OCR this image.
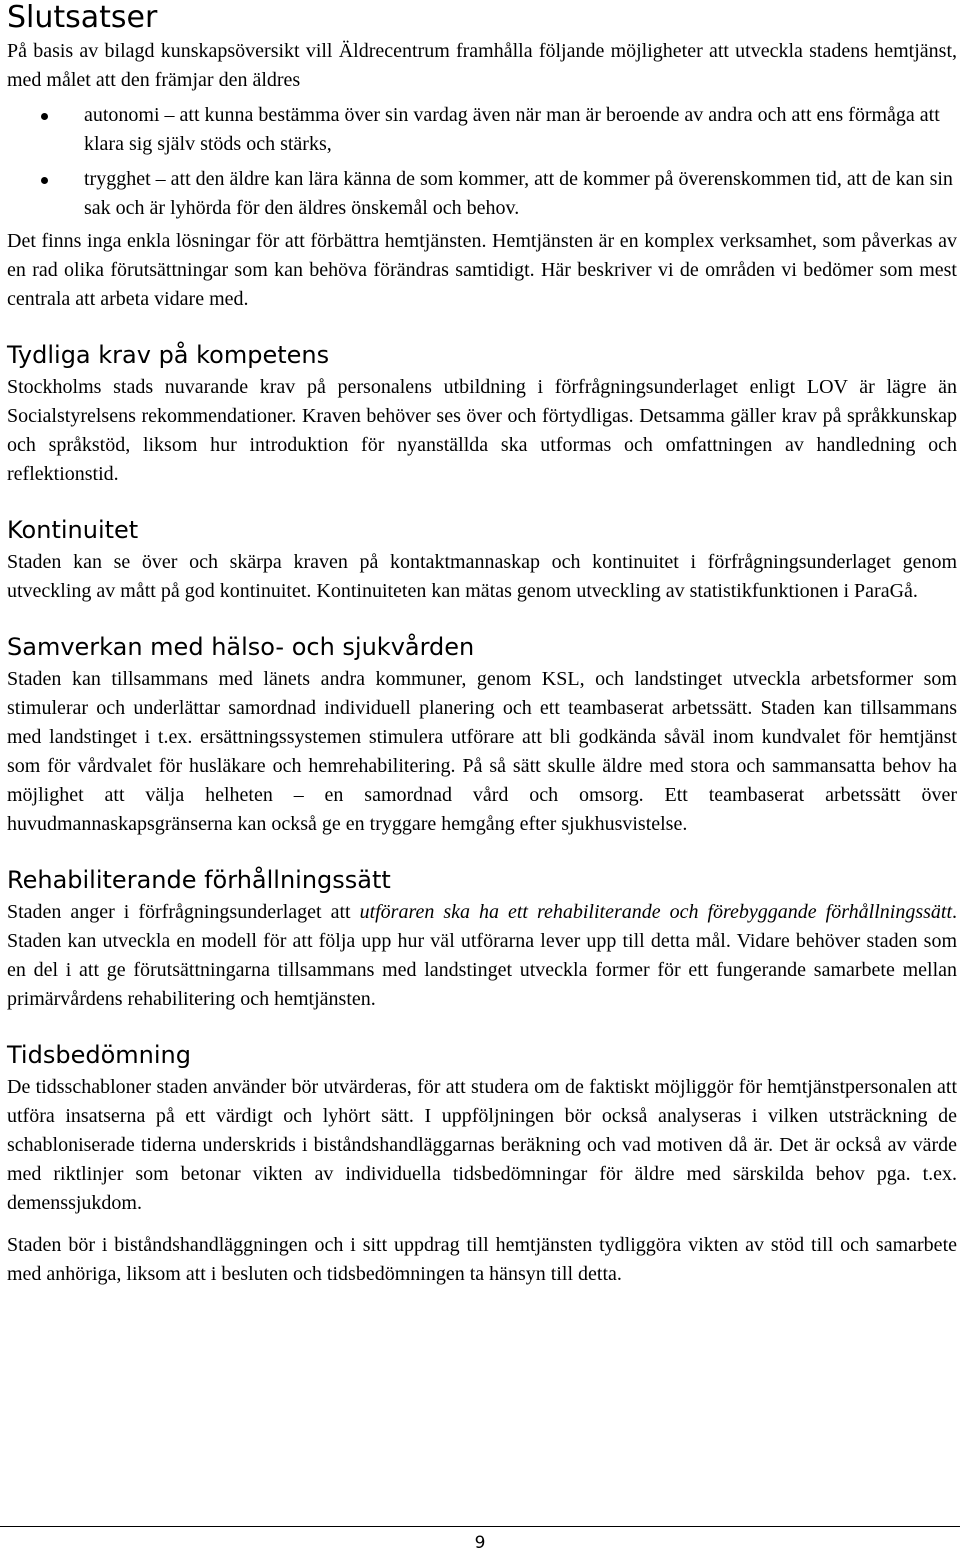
Slutsatser

På basis av bilagd kunskapsöversikt vill Äldrecentrum framhålla följande möjligheter att utveckla stadens hemtjänst, med målet att den främjar den äldres

autonomi – att kunna bestämma över sin vardag även när man är beroende av andra och att ens förmåga att klara sig själv stöds och stärks,
trygghet – att den äldre kan lära känna de som kommer, att de kommer på överenskommen tid, att de kan sin sak och är lyhörda för den äldres önskemål och behov.

Det finns inga enkla lösningar för att förbättra hemtjänsten. Hemtjänsten är en komplex verksamhet, som påverkas av en rad olika förutsättningar som kan behöva förändras samtidigt. Här beskriver vi de områden vi bedömer som mest centrala att arbeta vidare med.

Tydliga krav på kompetens

Stockholms stads nuvarande krav på personalens utbildning i förfrågningsunderlaget enligt LOV är lägre än Socialstyrelsens rekommendationer. Kraven behöver ses över och förtydligas. Detsamma gäller krav på språkkunskap och språkstöd, liksom hur introduktion för nyanställda ska utformas och omfattningen av handledning och reflektionstid.

Kontinuitet

Staden kan se över och skärpa kraven på kontaktmannaskap och kontinuitet i förfrågningsunderlaget genom utveckling av mått på god kontinuitet. Kontinuiteten kan mätas genom utveckling av statistikfunktionen i ParaGå.

Samverkan med hälso- och sjukvården

Staden kan tillsammans med länets andra kommuner, genom KSL, och landstinget utveckla arbetsformer som stimulerar och underlättar samordnad individuell planering och ett teambaserat arbetssätt. Staden kan tillsammans med landstinget i t.ex. ersättningssystemen stimulera utförare att bli godkända såväl inom kundvalet för hemtjänst som för vårdvalet för husläkare och hemrehabilitering. På så sätt skulle äldre med stora och sammansatta behov ha möjlighet att välja helheten – en samordnad vård och omsorg. Ett teambaserat arbetssätt över huvudmannaskapsgränserna kan också ge en tryggare hemgång efter sjukhusvistelse.

Rehabiliterande förhållningssätt

Staden anger i förfrågningsunderlaget att utföraren ska ha ett rehabiliterande och förebyggande förhållningssätt. Staden kan utveckla en modell för att följa upp hur väl utförarna lever upp till detta mål. Vidare behöver staden som en del i att ge förutsättningarna tillsammans med landstinget utveckla former för ett fungerande samarbete mellan primärvårdens rehabilitering och hemtjänsten.

Tidsbedömning

De tidsschabloner staden använder bör utvärderas, för att studera om de faktiskt möjliggör för hemtjänstpersonalen att utföra insatserna på ett värdigt och lyhört sätt. I uppföljningen bör också analyseras i vilken utsträckning de schabloniserade tiderna underskrids i biståndshandläggarnas beräkning och vad motiven då är. Det är också av värde med riktlinjer som betonar vikten av individuella tidsbedömningar för äldre med särskilda behov pga. t.ex. demenssjukdom.

Staden bör i biståndshandläggningen och i sitt uppdrag till hemtjänsten tydliggöra vikten av stöd till och samarbete med anhöriga, liksom att i besluten och tidsbedömningen ta hänsyn till detta.

9
